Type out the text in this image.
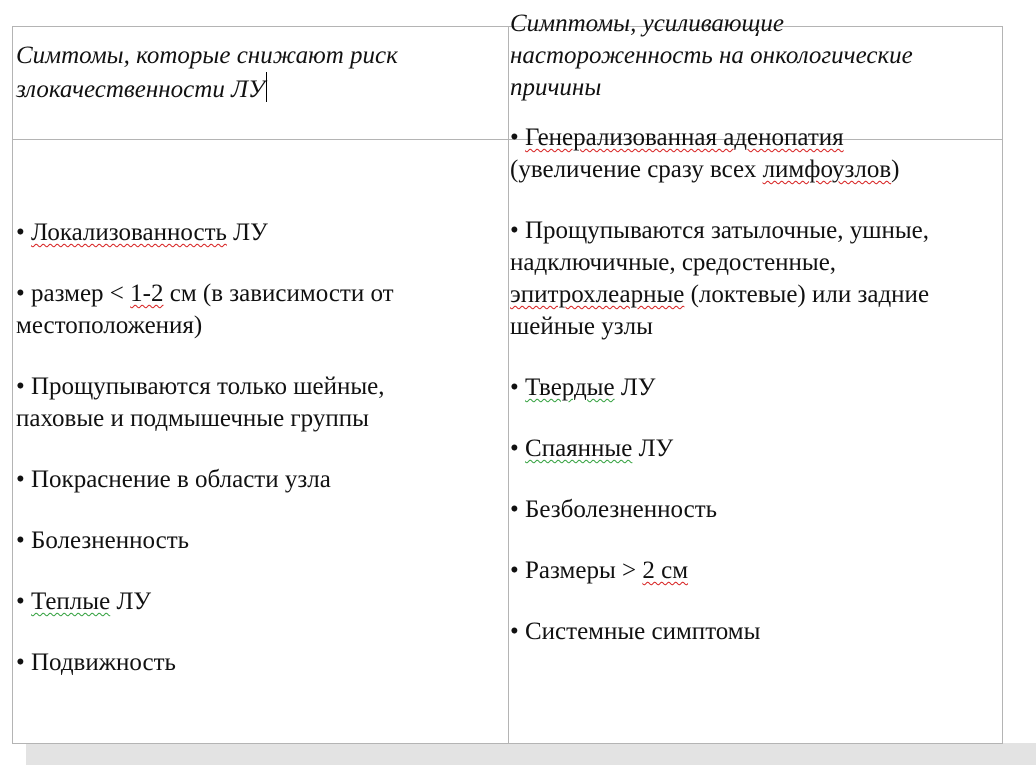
Симтомы, которые снижают риск злокачественности ЛУ
Симптомы, усиливающие настороженность на онкологические причины
• Локализованность ЛУ
• размер < 1-2 см (в зависимости от местоположения)
• Прощупываются только шейные, паховые и подмышечные группы
• Покраснение в области узла
• Болезненность
• Теплые ЛУ
• Подвижность
• Генерализованная аденопатия (увеличение сразу всех лимфоузлов)
• Прощупываются затылочные, ушные, надключичные, средостенные, эпитрохлеарные (локтевые) или задние шейные узлы
• Твердые ЛУ
• Спаянные ЛУ
• Безболезненность
• Размеры > 2 см
• Системные симптомы
